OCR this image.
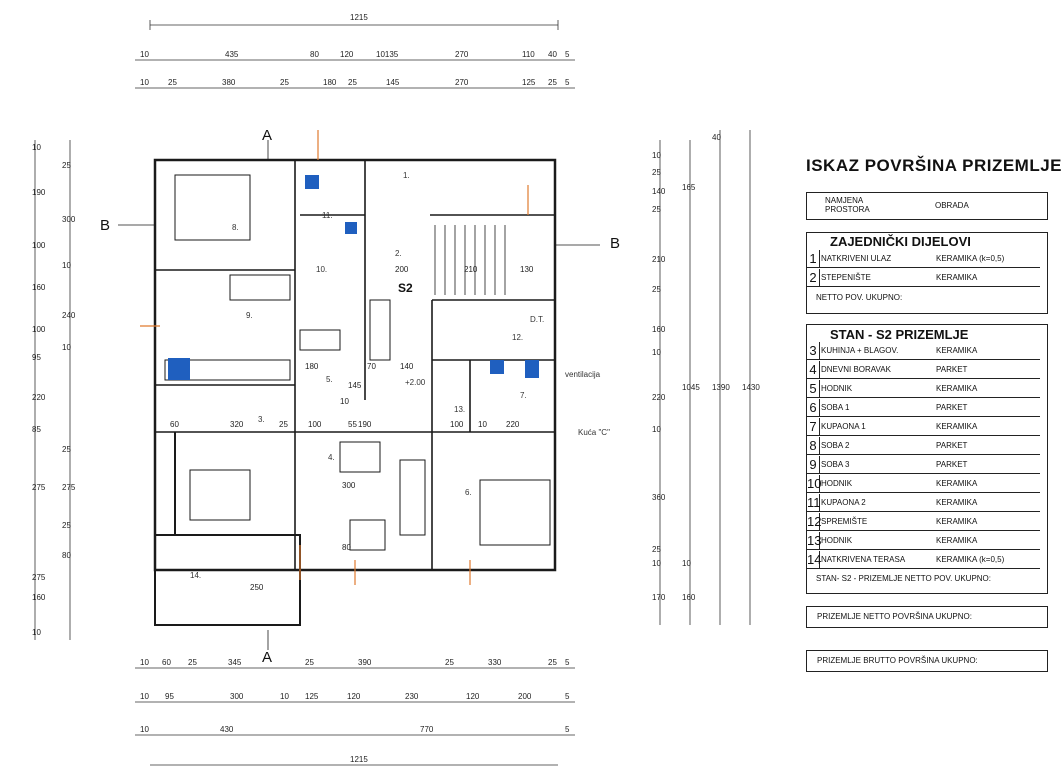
1215
10	435	80	120	10135	270	110 40 5
10 25	380	25	180 25	145	270	125 25 5
A
A
B
B
S2
1.
2.
3.
4.
5.
6.
7.
8.
9.
10.
11.
12.
13.
14.
ventilacija
Kuća "C"
D.T.
+2.00
200	210	130
180	70	140
60	320	25	100	55 190	100 10 220
300
80
250
145
10
10
190
100
160
100
95
220
85
275
275
160
10
25
300
10
240
10
25
275
25
80
10
25
140
25
210
25
160
10
220
10
360
25
10
170
165
1045
10
160
40
1390 1430
10 60 25	345	25	390	25	330	25 5
10 95	300	10 125	120	230	120	200	5
10	430	770	5
1215
ISKAZ POVRŠINA PRIZEMLJE
NAMJENA PROSTORA	OBRADA
ZAJEDNIČKI DIJELOVI
1 NATKRIVENI ULAZ	KERAMIKA (k=0,5)
2 STEPENIŠTE	KERAMIKA
NETTO POV. UKUPNO:
STAN - S2 PRIZEMLJE
3 KUHINJA + BLAGOV.	KERAMIKA
4 DNEVNI BORAVAK	PARKET
5 HODNIK	KERAMIKA
6 SOBA 1	PARKET
7 KUPAONA 1	KERAMIKA
8 SOBA 2	PARKET
9 SOBA 3	PARKET
10 HODNIK	KERAMIKA
11 KUPAONA 2	KERAMIKA
12 SPREMIŠTE	KERAMIKA
13 HODNIK	KERAMIKA
14 NATKRIVENA TERASA	KERAMIKA (k=0,5)
STAN- S2 - PRIZEMLJE NETTO POV. UKUPNO:
PRIZEMLJE NETTO POVRŠINA UKUPNO:
PRIZEMLJE BRUTTO POVRŠINA UKUPNO:
